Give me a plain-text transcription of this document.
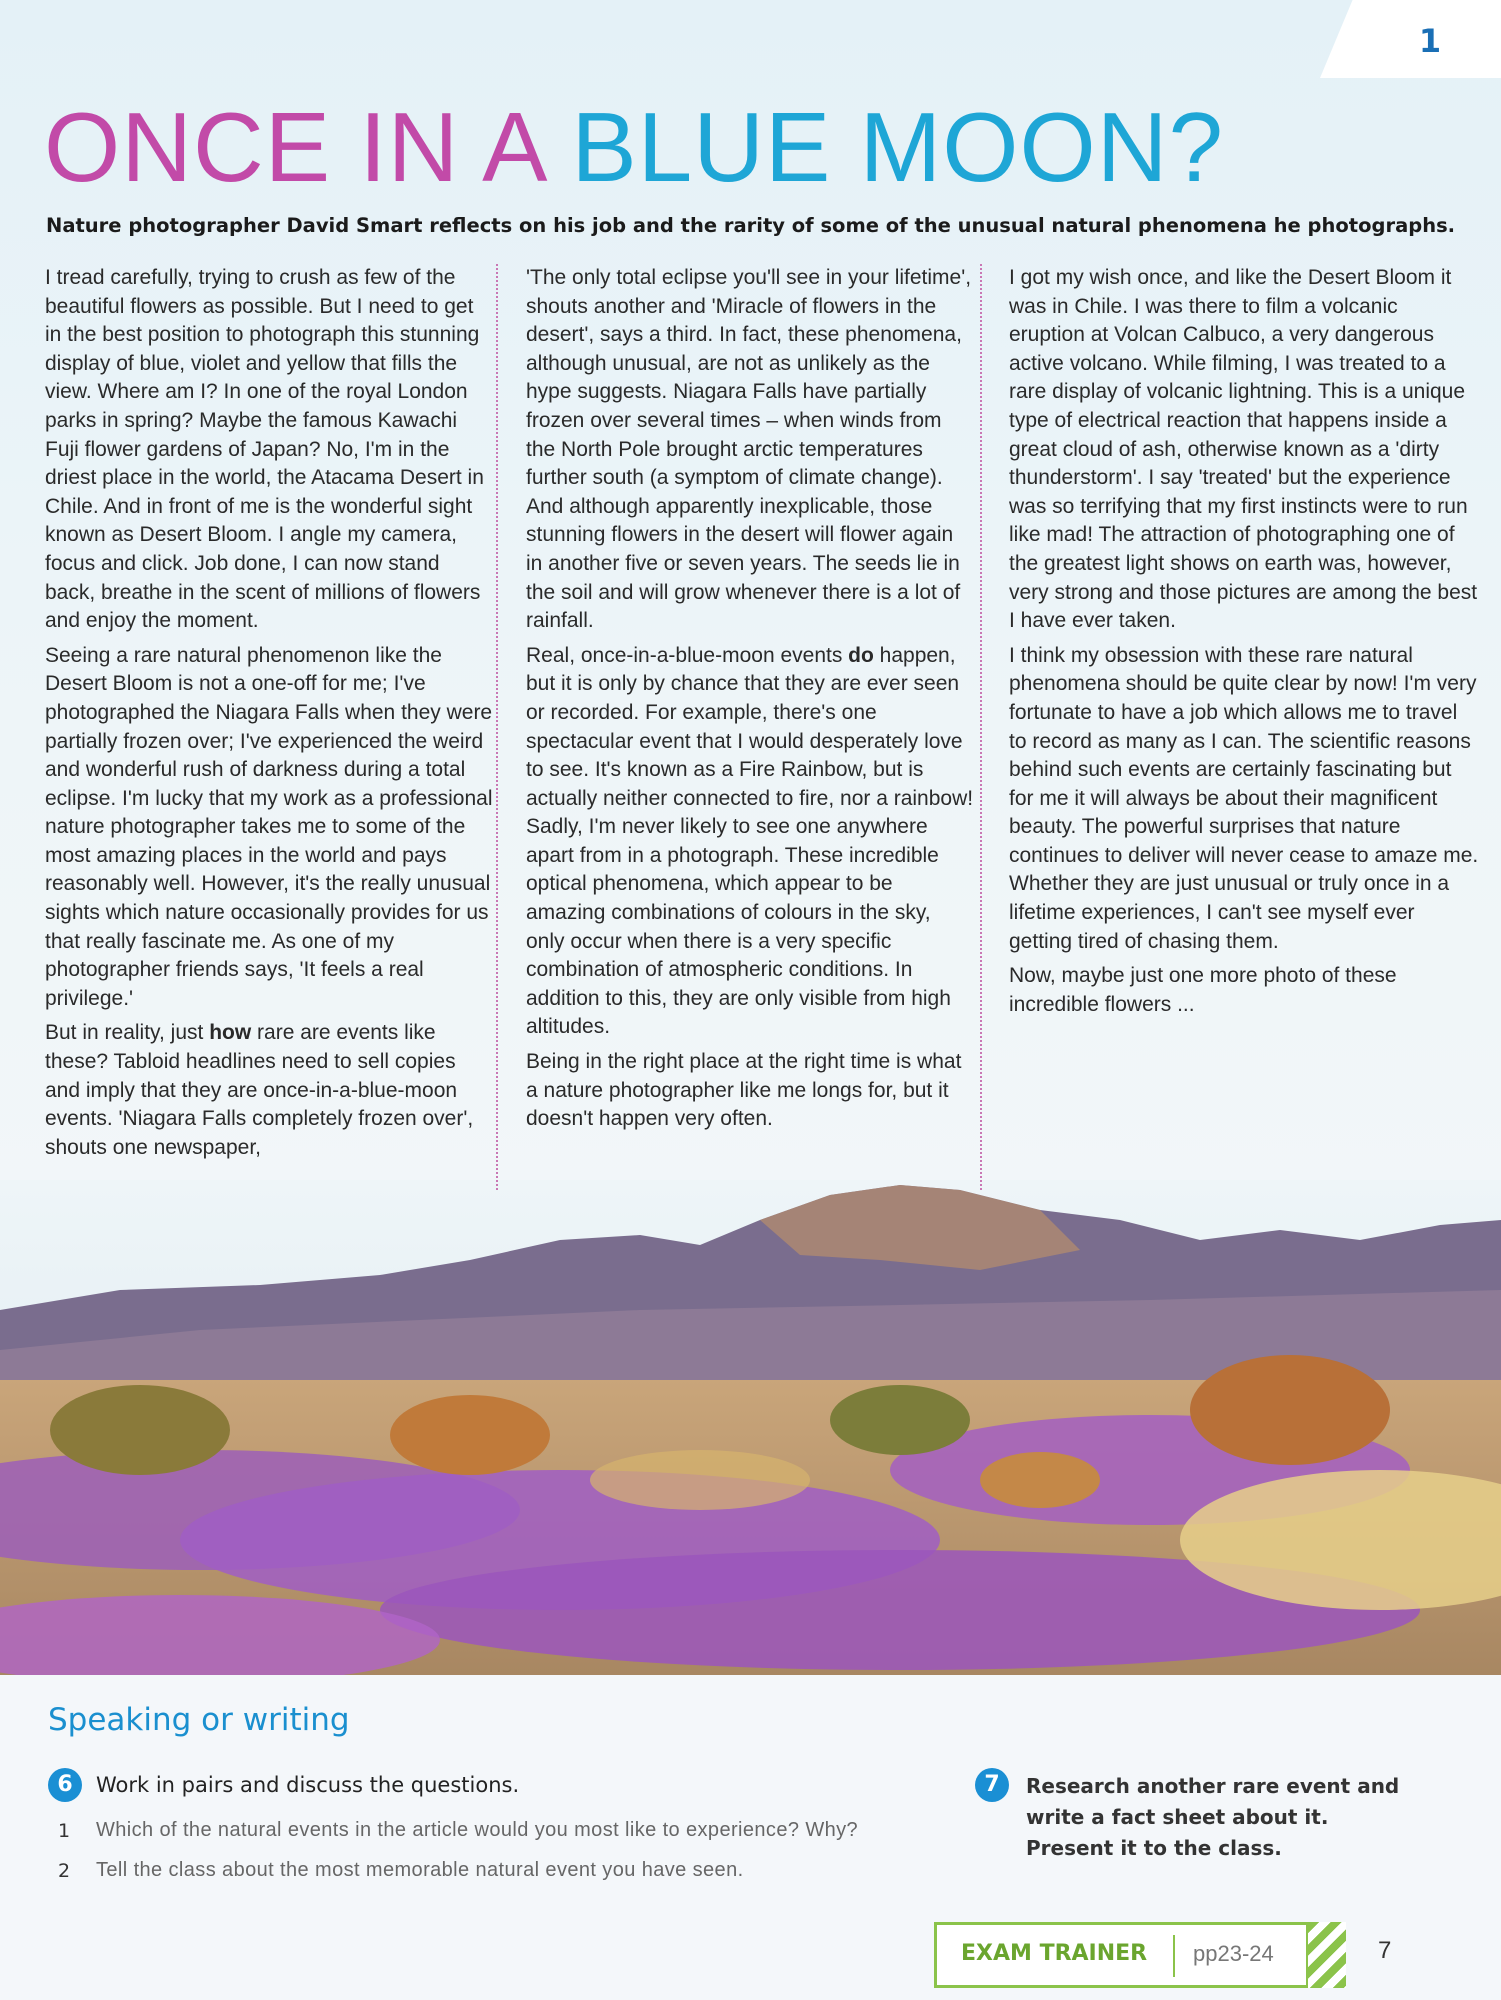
1
ONCE IN A BLUE MOON?

Nature photographer David Smart reflects on his job and the rarity of some of the unusual natural phenomena he photographs.

I tread carefully, trying to crush as few of the beautiful flowers as possible. But I need to get in the best position to photograph this stunning display of blue, violet and yellow that fills the view. Where am I? In one of the royal London parks in spring? Maybe the famous Kawachi Fuji flower gardens of Japan? No, I'm in the driest place in the world, the Atacama Desert in Chile. And in front of me is the wonderful sight known as Desert Bloom. I angle my camera, focus and click. Job done, I can now stand back, breathe in the scent of millions of flowers and enjoy the moment.

Seeing a rare natural phenomenon like the Desert Bloom is not a one-off for me; I've photographed the Niagara Falls when they were partially frozen over; I've experienced the weird and wonderful rush of darkness during a total eclipse. I'm lucky that my work as a professional nature photographer takes me to some of the most amazing places in the world and pays reasonably well. However, it's the really unusual sights which nature occasionally provides for us that really fascinate me. As one of my photographer friends says, 'It feels a real privilege.'

But in reality, just how rare are events like these? Tabloid headlines need to sell copies and imply that they are once-in-a-blue-moon events. 'Niagara Falls completely frozen over', shouts one newspaper,

'The only total eclipse you'll see in your lifetime', shouts another and 'Miracle of flowers in the desert', says a third. In fact, these phenomena, although unusual, are not as unlikely as the hype suggests. Niagara Falls have partially frozen over several times – when winds from the North Pole brought arctic temperatures further south (a symptom of climate change). And although apparently inexplicable, those stunning flowers in the desert will flower again in another five or seven years. The seeds lie in the soil and will grow whenever there is a lot of rainfall.

Real, once-in-a-blue-moon events do happen, but it is only by chance that they are ever seen or recorded. For example, there's one spectacular event that I would desperately love to see. It's known as a Fire Rainbow, but is actually neither connected to fire, nor a rainbow! Sadly, I'm never likely to see one anywhere apart from in a photograph. These incredible optical phenomena, which appear to be amazing combinations of colours in the sky, only occur when there is a very specific combination of atmospheric conditions. In addition to this, they are only visible from high altitudes.

Being in the right place at the right time is what a nature photographer like me longs for, but it doesn't happen very often.

I got my wish once, and like the Desert Bloom it was in Chile. I was there to film a volcanic eruption at Volcan Calbuco, a very dangerous active volcano. While filming, I was treated to a rare display of volcanic lightning. This is a unique type of electrical reaction that happens inside a great cloud of ash, otherwise known as a 'dirty thunderstorm'. I say 'treated' but the experience was so terrifying that my first instincts were to run like mad! The attraction of photographing one of the greatest light shows on earth was, however, very strong and those pictures are among the best I have ever taken.

I think my obsession with these rare natural phenomena should be quite clear by now! I'm very fortunate to have a job which allows me to travel to record as many as I can. The scientific reasons behind such events are certainly fascinating but for me it will always be about their magnificent beauty. The powerful surprises that nature continues to deliver will never cease to amaze me. Whether they are just unusual or truly once in a lifetime experiences, I can't see myself ever getting tired of chasing them.

Now, maybe just one more photo of these incredible flowers ...

Speaking or writing
6	Work in pairs and discuss the questions.
1 Which of the natural events in the article would you most like to experience? Why?
2 Tell the class about the most memorable natural event you have seen.
7	Research another rare event and write a fact sheet about it. Present it to the class.
EXAM TRAINER pp23-24	7
